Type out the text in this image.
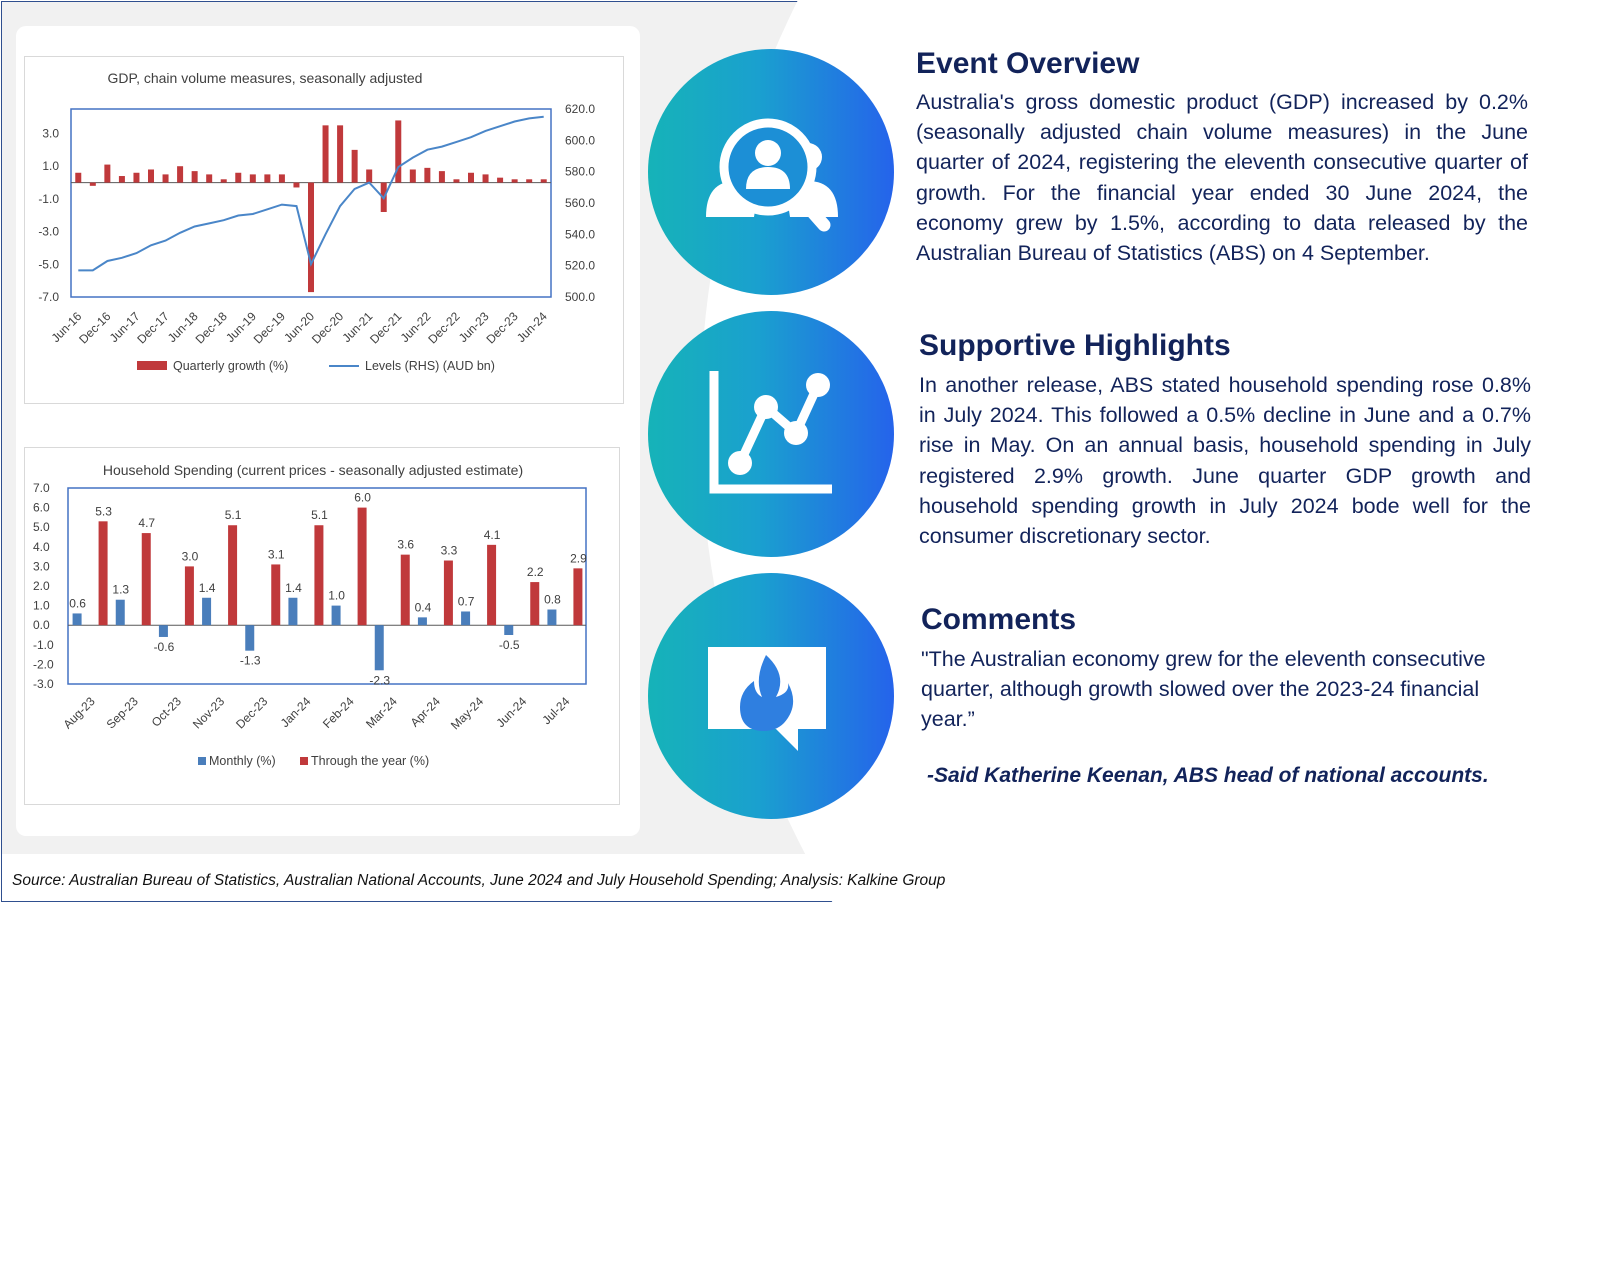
GDP, chain volume measures, seasonally adjusted
3.0
1.0
-1.0
-3.0
-5.0
-7.0
620.0
600.0
580.0
560.0
540.0
520.0
500.0
Jun-16
Dec-16
Jun-17
Dec-17
Jun-18
Dec-18
Jun-19
Dec-19
Jun-20
Dec-20
Jun-21
Dec-21
Jun-22
Dec-22
Jun-23
Dec-23
Jun-24
Quarterly growth (%)	Levels (RHS) (AUD bn)
Household Spending (current prices - seasonally adjusted estimate)
7.0
6.0
5.0
4.0
3.0
2.0
1.0
0.0
-1.0
-2.0
-3.0
0.6
5.3
Aug-23
1.3
4.7
Sep-23
-0.6
3.0
Oct-23
1.4
5.1
Nov-23
-1.3
3.1
Dec-23
1.4
5.1
Jan-24
1.0
6.0
Feb-24
-2.3
3.6
Mar-24
0.4
3.3
Apr-24
0.7
4.1
May-24
-0.5
2.2
Jun-24
0.8
2.9
Jul-24
Monthly (%)	Through the year (%)
Event Overview

Australia's gross domestic product (GDP) increased by 0.2% (seasonally adjusted chain volume measures) in the June quarter of 2024, registering the eleventh consecutive quarter of growth. For the financial year ended 30 June 2024, the economy grew by 1.5%, according to data released by the Australian Bureau of Statistics (ABS) on 4 September.

Supportive Highlights

In another release, ABS stated household spending rose 0.8% in July 2024. This followed a 0.5% decline in June and a 0.7% rise in May. On an annual basis, household spending in July registered 2.9% growth. June quarter GDP growth and household spending growth in July 2024 bode well for the consumer discretionary sector.

Comments

"The Australian economy grew for the eleventh consecutive quarter, although growth slowed over the 2023-24 financial year.”

-Said Katherine Keenan, ABS head of national accounts.
Source: Australian Bureau of Statistics, Australian National Accounts, June 2024 and July Household Spending; Analysis: Kalkine Group
